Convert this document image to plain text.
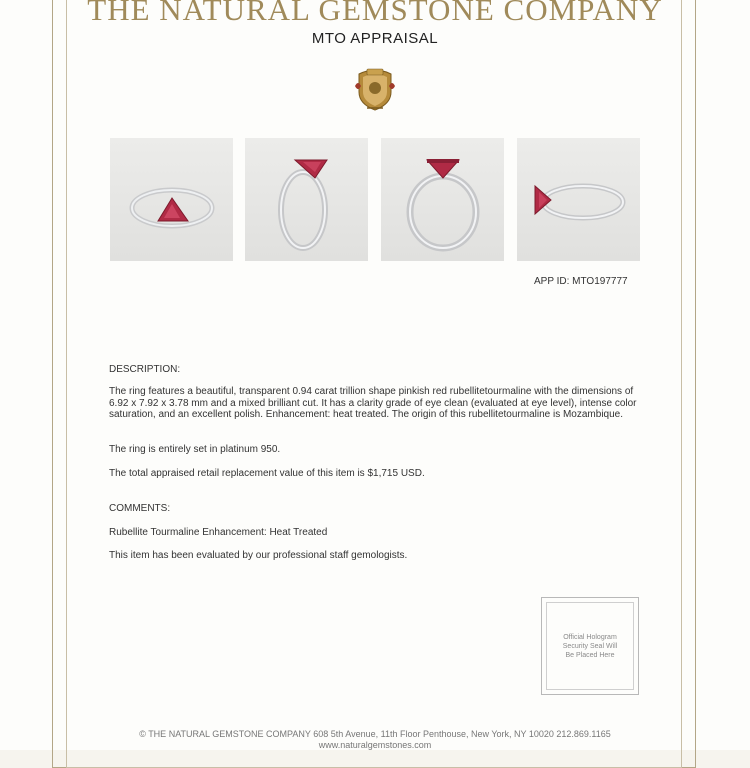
THE NATURAL GEMSTONE COMPANY
MTO APPRAISAL
APP ID: MTO197777
DESCRIPTION:
The ring features a beautiful, transparent 0.94 carat trillion shape pinkish red rubellitetourmaline with the dimensions of 6.92 x 7.92 x 3.78 mm and a mixed brilliant cut. It has a clarity grade of eye clean (evaluated at eye level), intense color saturation, and an excellent polish. Enhancement: heat treated. The origin of this rubellitetourmaline is Mozambique.
The ring is entirely set in platinum 950.
The total appraised retail replacement value of this item is $1,715 USD.
COMMENTS:
Rubellite Tourmaline Enhancement: Heat Treated
This item has been evaluated by our professional staff gemologists.
Official Hologram
Security Seal Will
Be Placed Here
© THE NATURAL GEMSTONE COMPANY 608 5th Avenue, 11th Floor Penthouse, New York, NY 10020 212.869.1165
www.naturalgemstones.com
